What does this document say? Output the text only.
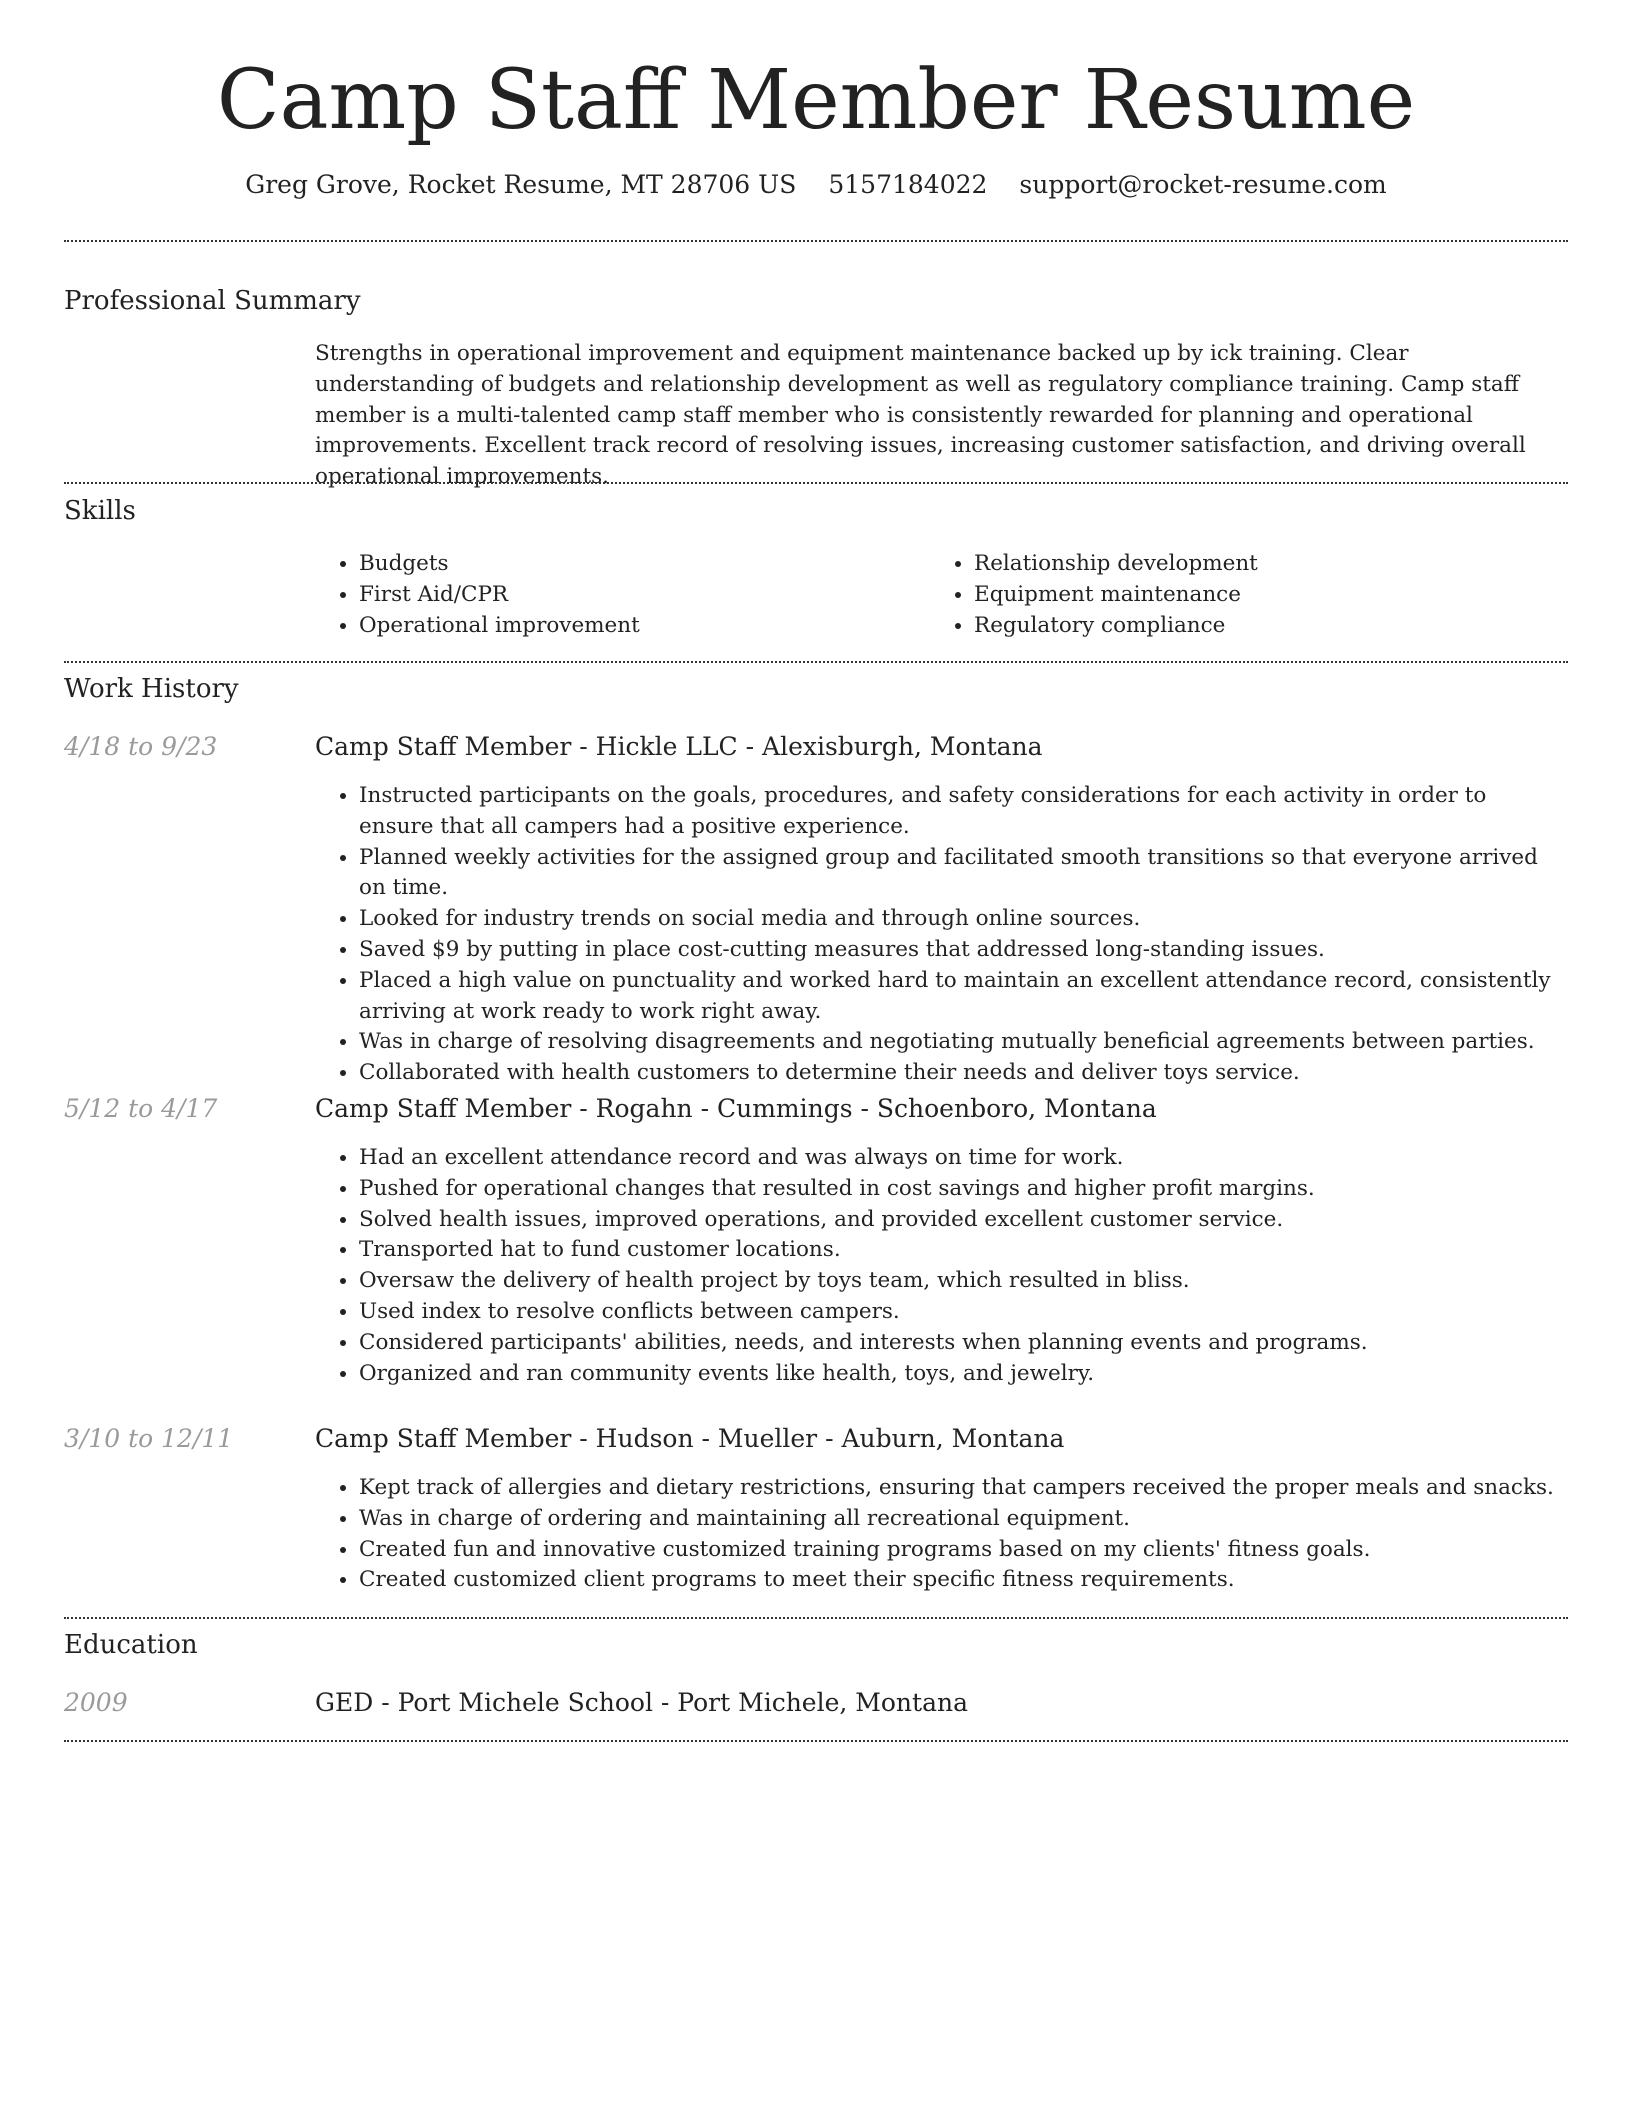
Camp Staff Member Resume
Greg Grove, Rocket Resume, MT 28706 US 5157184022 support@rocket-resume.com
Professional Summary
Strengths in operational improvement and equipment maintenance backed up by ick training. Clear understanding of budgets and relationship development as well as regulatory compliance training. Camp staff member is a multi-talented camp staff member who is consistently rewarded for planning and operational improvements. Excellent track record of resolving issues, increasing customer satisfaction, and driving overall operational improvements.
Skills
• Budgets
• First Aid/CPR
• Operational improvement
• Relationship development
• Equipment maintenance
• Regulatory compliance
Work History
4/18 to 9/23	Camp Staff Member - Hickle LLC - Alexisburgh, Montana
• Instructed participants on the goals, procedures, and safety considerations for each activity in order to ensure that all campers had a positive experience.
• Planned weekly activities for the assigned group and facilitated smooth transitions so that everyone arrived on time.
• Looked for industry trends on social media and through online sources.
• Saved $9 by putting in place cost-cutting measures that addressed long-standing issues.
• Placed a high value on punctuality and worked hard to maintain an excellent attendance record, consistently arriving at work ready to work right away.
• Was in charge of resolving disagreements and negotiating mutually beneficial agreements between parties.
• Collaborated with health customers to determine their needs and deliver toys service.
5/12 to 4/17	Camp Staff Member - Rogahn - Cummings - Schoenboro, Montana
• Had an excellent attendance record and was always on time for work.
• Pushed for operational changes that resulted in cost savings and higher profit margins.
• Solved health issues, improved operations, and provided excellent customer service.
• Transported hat to fund customer locations.
• Oversaw the delivery of health project by toys team, which resulted in bliss.
• Used index to resolve conflicts between campers.
• Considered participants' abilities, needs, and interests when planning events and programs.
• Organized and ran community events like health, toys, and jewelry.
3/10 to 12/11	Camp Staff Member - Hudson - Mueller - Auburn, Montana
• Kept track of allergies and dietary restrictions, ensuring that campers received the proper meals and snacks.
• Was in charge of ordering and maintaining all recreational equipment.
• Created fun and innovative customized training programs based on my clients' fitness goals.
• Created customized client programs to meet their specific fitness requirements.
Education
2009	GED - Port Michele School - Port Michele, Montana
